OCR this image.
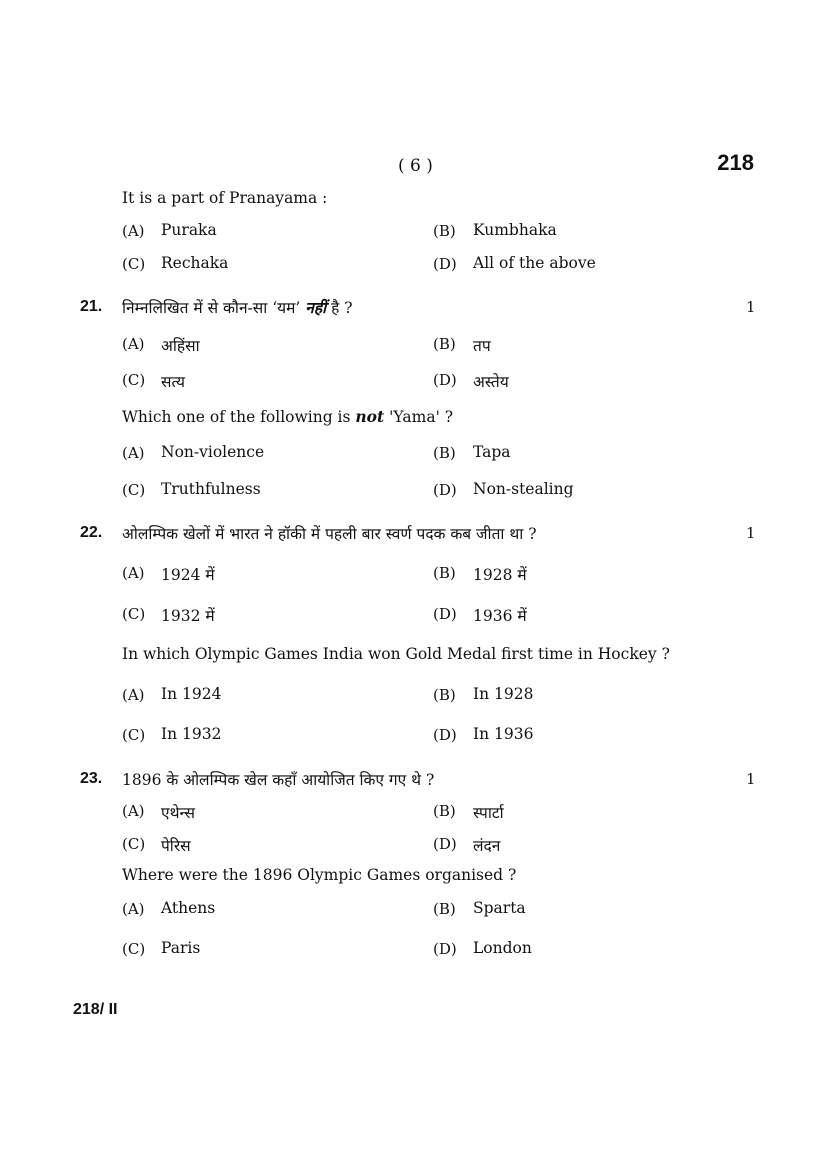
( 6 )	218
It is a part of Pranayama :
(A) Puraka	(B) Kumbhaka
(C) Rechaka	(D) All of the above
21. निम्नलिखित में से कौन-सा ‘यम’ नहीं है ?	1
(A) अहिंसा	(B) तप
(C) सत्य	(D) अस्तेय
Which one of the following is not 'Yama' ?
(A) Non-violence	(B) Tapa
(C) Truthfulness	(D) Non-stealing
22. ओलम्पिक खेलों में भारत ने हॉकी में पहली बार स्वर्ण पदक कब जीता था ?	1
(A) 1924 में	(B) 1928 में
(C) 1932 में	(D) 1936 में
In which Olympic Games India won Gold Medal first time in Hockey ?
(A) In 1924	(B) In 1928
(C) In 1932	(D) In 1936
23. 1896 के ओलम्पिक खेल कहाँ आयोजित किए गए थे ?	1
(A) एथेन्स	(B) स्पार्टा
(C) पेरिस	(D) लंदन
Where were the 1896 Olympic Games organised ?
(A) Athens	(B) Sparta
(C) Paris	(D) London
218/ II
